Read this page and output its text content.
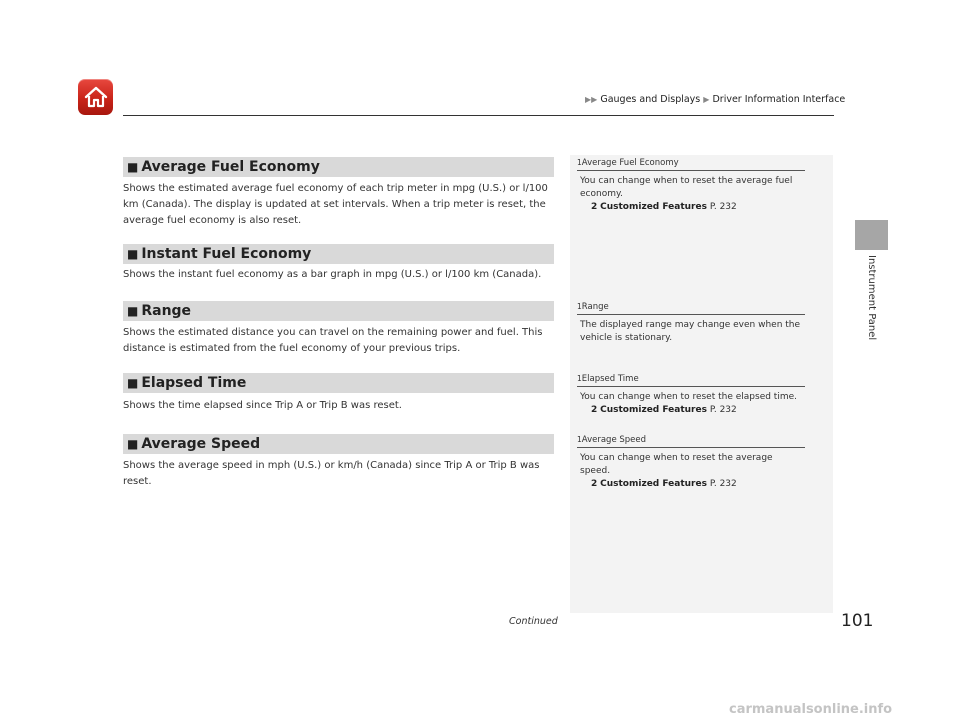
▶▶ Gauges and Displays ▶ Driver Information Interface
Instrument Panel
■ Average Fuel Economy
Shows the estimated average fuel economy of each trip meter in mpg (U.S.) or l/100 km (Canada). The display is updated at set intervals. When a trip meter is reset, the average fuel economy is also reset.
■ Instant Fuel Economy
Shows the instant fuel economy as a bar graph in mpg (U.S.) or l/100 km (Canada).
■ Range
Shows the estimated distance you can travel on the remaining power and fuel. This distance is estimated from the fuel economy of your previous trips.
■ Elapsed Time
Shows the time elapsed since Trip A or Trip B was reset.
■ Average Speed
Shows the average speed in mph (U.S.) or km/h (Canada) since Trip A or Trip B was reset.
1Average Fuel Economy
You can change when to reset the average fuel economy.
2 Customized Features P. 232
1Range
The displayed range may change even when the vehicle is stationary.
1Elapsed Time
You can change when to reset the elapsed time.
2 Customized Features P. 232
1Average Speed
You can change when to reset the average speed.
2 Customized Features P. 232
Continued	101
carmanualsonline.info
